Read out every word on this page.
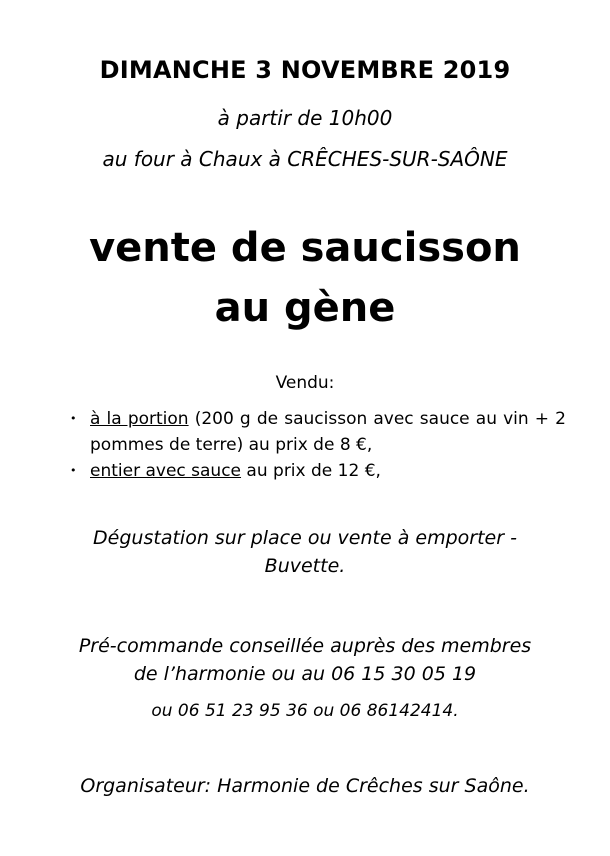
DIMANCHE 3 NOVEMBRE 2019
à partir de 10h00
au four à Chaux à CRÊCHES-SUR-SAÔNE
vente de saucisson
au gène
Vendu:
• à la portion (200 g de saucisson avec sauce au vin + 2 pommes de terre) au prix de 8 €,
• entier avec sauce au prix de 12 €,
Dégustation sur place ou vente à emporter -
Buvette.
Pré-commande conseillée auprès des membres
de l’harmonie ou au 06 15 30 05 19
ou 06 51 23 95 36 ou 06 86142414.
Organisateur: Harmonie de Crêches sur Saône.
